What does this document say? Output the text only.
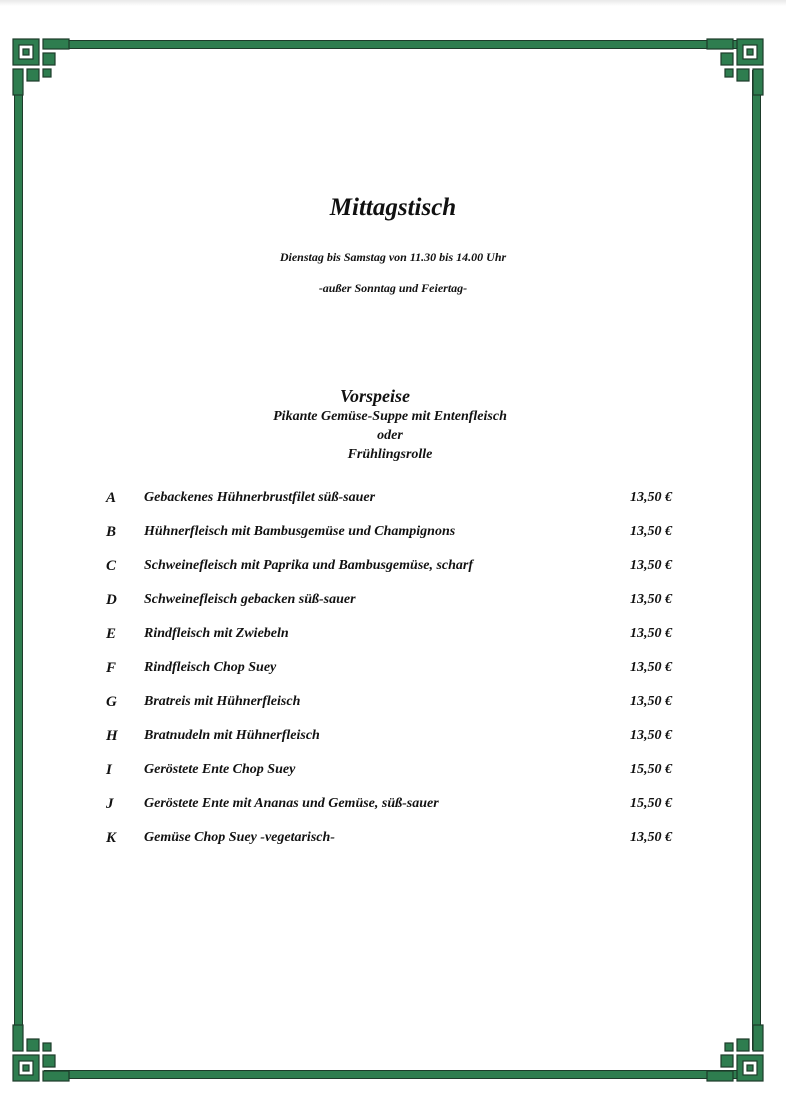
Mittagstisch
Dienstag bis Samstag von 11.30 bis 14.00 Uhr
-außer Sonntag und Feiertag-
Vorspeise
Pikante Gemüse-Suppe mit Entenfleisch
oder
Frühlingsrolle
A	Gebackenes Hühnerbrustfilet süß-sauer	13,50 €
B	Hühnerfleisch mit Bambusgemüse und Champignons	13,50 €
C	Schweinefleisch mit Paprika und Bambusgemüse, scharf	13,50 €
D	Schweinefleisch gebacken süß-sauer	13,50 €
E	Rindfleisch mit Zwiebeln	13,50 €
F	Rindfleisch Chop Suey	13,50 €
G	Bratreis mit Hühnerfleisch	13,50 €
H	Bratnudeln mit Hühnerfleisch	13,50 €
I	Geröstete Ente Chop Suey	15,50 €
J	Geröstete Ente mit Ananas und Gemüse, süß-sauer	15,50 €
K	Gemüse Chop Suey -vegetarisch-	13,50 €
